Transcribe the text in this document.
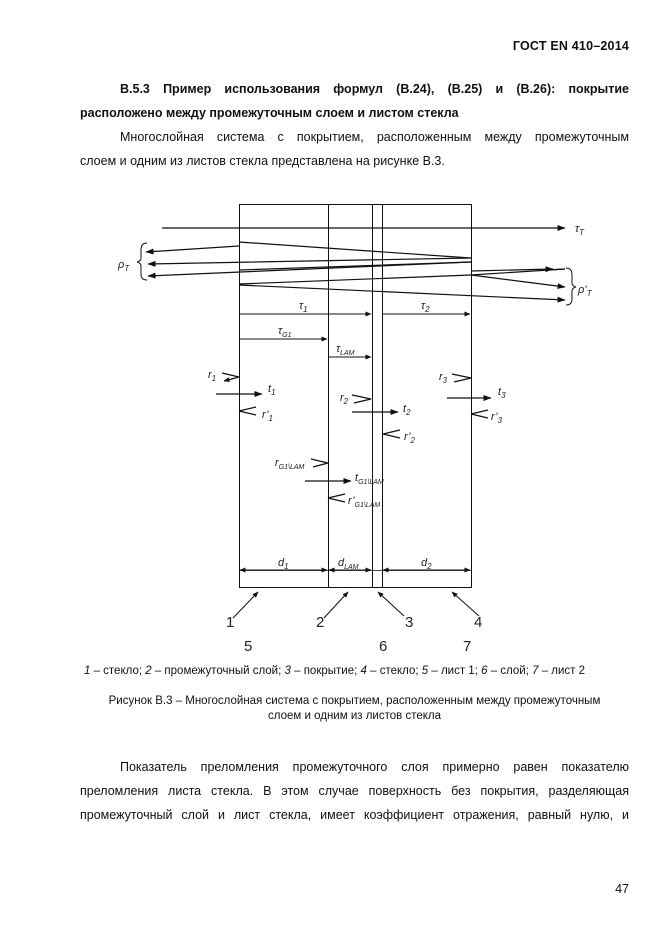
ГОСТ EN 410–2014
В.5.3 Пример использования формул (В.24), (В.25) и (В.26): покрытие
расположено между промежуточным слоем и листом стекла
Многослойная система с покрытием, расположенным между промежуточным
слоем и одним из листов стекла представлена на рисунке В.3.
$\tau_T$
$\rho_T$
$\rho’_T$
$\tau_1$	$\tau_2$
$\tau_{G1}$
$\tau_{LAM}$
$r_1$
$t_1$
$r’_1$
$r_2$
$t_2$
$r’_2$
$r_3$
$t_3$
$r’_3$
$r_{G1\backslash LAM}$
$t_{G1\backslash LAM}$
$r’_{G1\backslash LAM}$
$d_1$	$d_{LAM}$	$d_2$
1	2	3	4
5	6	7
1 – стекло; 2 – промежуточный слой; 3 – покрытие; 4 – стекло; 5 – лист 1; 6 – слой; 7 – лист 2
Рисунок В.3 – Многослойная система с покрытием, расположенным между промежуточным
слоем и одним из листов стекла
Показатель преломления промежуточного слоя примерно равен показателю
преломления листа стекла. В этом случае поверхность без покрытия, разделяющая
промежуточный слой и лист стекла, имеет коэффициент отражения, равный нулю, и
47
